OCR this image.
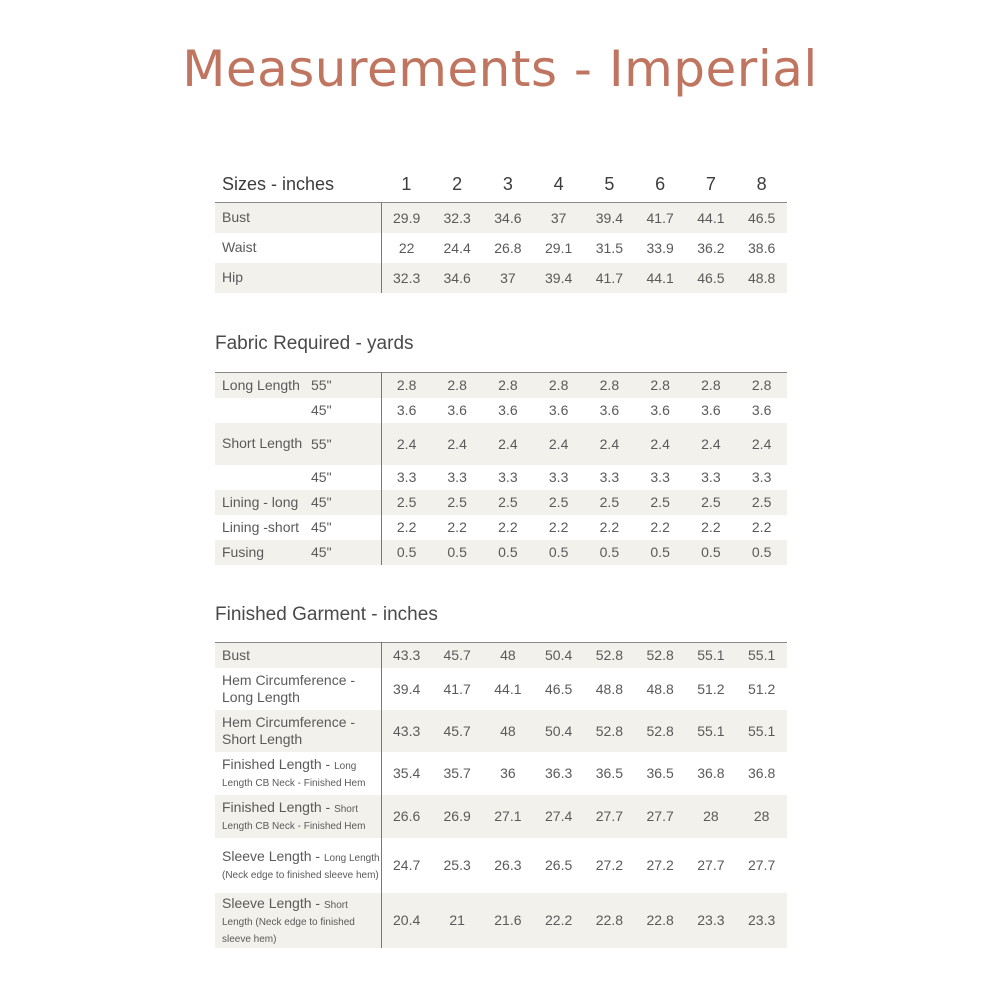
Measurements - Imperial
Sizes - inches	1	2	3	4	5	6	7	8
Bust	29.9	32.3	34.6	37	39.4	41.7	44.1	46.5
Waist	22	24.4	26.8	29.1	31.5	33.9	36.2	38.6
Hip	32.3	34.6	37	39.4	41.7	44.1	46.5	48.8
Fabric Required - yards
Long Length	55"	2.8	2.8	2.8	2.8	2.8	2.8	2.8	2.8
	45"	3.6	3.6	3.6	3.6	3.6	3.6	3.6	3.6
Short Length	55"	2.4	2.4	2.4	2.4	2.4	2.4	2.4	2.4
	45"	3.3	3.3	3.3	3.3	3.3	3.3	3.3	3.3
Lining - long	45"	2.5	2.5	2.5	2.5	2.5	2.5	2.5	2.5
Lining -short	45"	2.2	2.2	2.2	2.2	2.2	2.2	2.2	2.2
Fusing	45"	0.5	0.5	0.5	0.5	0.5	0.5	0.5	0.5
Finished Garment - inches
Bust	43.3	45.7	48	50.4	52.8	52.8	55.1	55.1
Hem Circumference - Long Length	39.4	41.7	44.1	46.5	48.8	48.8	51.2	51.2
Hem Circumference - Short Length	43.3	45.7	48	50.4	52.8	52.8	55.1	55.1
Finished Length - Long Length CB Neck - Finished Hem	35.4	35.7	36	36.3	36.5	36.5	36.8	36.8
Finished Length - Short Length CB Neck - Finished Hem	26.6	26.9	27.1	27.4	27.7	27.7	28	28
Sleeve Length - Long Length (Neck edge to finished sleeve hem)	24.7	25.3	26.3	26.5	27.2	27.2	27.7	27.7
Sleeve Length - Short Length (Neck edge to finished sleeve hem)	20.4	21	21.6	22.2	22.8	22.8	23.3	23.3
